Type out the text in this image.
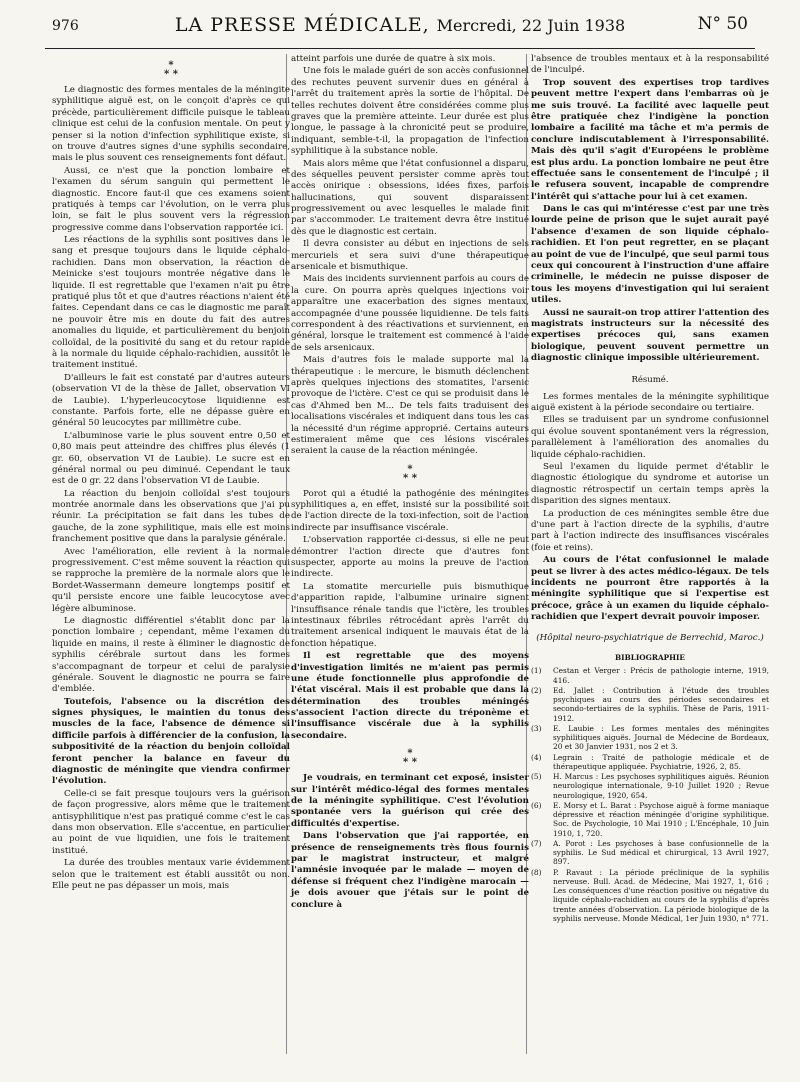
976	LA PRESSE MÉDICALE, Mercredi, 22 Juin 1938	N° 50
*
* *

Le diagnostic des formes mentales de la méningite syphilitique aiguë est, on le conçoit d'après ce qui précède, particulièrement difficile puisque le tableau clinique est celui de la confusion mentale. On peut y penser si la notion d'infection syphilitique existe, si on trouve d'autres signes d'une syphilis secondaire, mais le plus souvent ces renseignements font défaut.

Aussi, ce n'est que la ponction lombaire et l'examen du sérum sanguin qui permettent le diagnostic. Encore faut-il que ces examens soient pratiqués à temps car l'évolution, on le verra plus loin, se fait le plus souvent vers la régression progressive comme dans l'observation rapportée ici.

Les réactions de la syphilis sont positives dans le sang et presque toujours dans le liquide céphalo-rachidien. Dans mon observation, la réaction de Meinicke s'est toujours montrée négative dans le liquide. Il est regrettable que l'examen n'ait pu être pratiqué plus tôt et que d'autres réactions n'aient été faites. Cependant dans ce cas le diagnostic me paraît ne pouvoir être mis en doute du fait des autres anomalies du liquide, et particulièrement du benjoin colloïdal, de la positivité du sang et du retour rapide à la normale du liquide céphalo-rachidien, aussitôt le traitement institué.

D'ailleurs le fait est constaté par d'autres auteurs (observation VI de la thèse de Jallet, observation VI de Laubie). L'hyperleucocytose liquidienne est constante. Parfois forte, elle ne dépasse guère en général 50 leucocytes par millimètre cube.

L'albuminose varie le plus souvent entre 0,50 et 0,80 mais peut atteindre des chiffres plus élevés (1 gr. 60, observation VI de Laubie). Le sucre est en général normal ou peu diminué. Cependant le taux est de 0 gr. 22 dans l'observation VI de Laubie.

La réaction du benjoin colloïdal s'est toujours montrée anormale dans les observations que j'ai pu réunir. La précipitation se fait dans les tubes de gauche, de la zone syphilitique, mais elle est moins franchement positive que dans la paralysie générale.

Avec l'amélioration, elle revient à la normale progressivement. C'est même souvent la réaction qui se rapproche la première de la normale alors que le Bordet-Wassermann demeure longtemps positif et qu'il persiste encore une faible leucocytose avec légère albuminose.

Le diagnostic différentiel s'établit donc par la ponction lombaire ; cependant, même l'examen du liquide en mains, il reste à éliminer le diagnostic de syphilis cérébrale surtout dans les formes s'accompagnant de torpeur et celui de paralysie générale. Souvent le diagnostic ne pourra se faire d'emblée.

Toutefois, l'absence ou la discrétion des signes physiques, le maintien du tonus des muscles de la face, l'absence de démence si difficile parfois à différencier de la confusion, la subpositivité de la réaction du benjoin colloïdal feront pencher la balance en faveur du diagnostic de méningite que viendra confirmer l'évolution.

Celle-ci se fait presque toujours vers la guérison de façon progressive, alors même que le traitement antisyphilitique n'est pas pratiqué comme c'est le cas dans mon observation. Elle s'accentue, en particulier au point de vue liquidien, une fois le traitement institué.

La durée des troubles mentaux varie évidemment selon que le traitement est établi aussitôt ou non. Elle peut ne pas dépasser un mois, mais

atteint parfois une durée de quatre à six mois.

Une fois le malade guéri de son accès confusionnel des rechutes peuvent survenir dues en général à l'arrêt du traitement après la sortie de l'hôpital. De telles rechutes doivent être considérées comme plus graves que la première atteinte. Leur durée est plus longue, le passage à la chronicité peut se produire, indiquant, semble-t-il, la propagation de l'infection syphilitique à la substance noble.

Mais alors même que l'état confusionnel a disparu, des séquelles peuvent persister comme après tout accès onirique : obsessions, idées fixes, parfois hallucinations, qui souvent disparaissent progressivement ou avec lesquelles le malade finit par s'accommoder. Le traitement devra être institué dès que le diagnostic est certain.

Il devra consister au début en injections de sels mercuriels et sera suivi d'une thérapeutique arsenicale et bismuthique.

Mais des incidents surviennent parfois au cours de la cure. On pourra après quelques injections voir apparaître une exacerbation des signes mentaux, accompagnée d'une poussée liquidienne. De tels faits correspondent à des réactivations et surviennent, en général, lorsque le traitement est commencé à l'aide de sels arsenicaux.

Mais d'autres fois le malade supporte mal la thérapeutique : le mercure, le bismuth déclenchent après quelques injections des stomatites, l'arsenic provoque de l'ictère. C'est ce qui se produisit dans le cas d'Ahmed ben M... De tels faits traduisent des localisations viscérales et indiquent dans tous les cas la nécessité d'un régime approprié. Certains auteurs estimeraient même que ces lésions viscérales seraient la cause de la réaction méningée.

*
* *

Porot qui a étudié la pathogénie des méningites syphilitiques a, en effet, insisté sur la possibilité soit de l'action directe de la toxi-infection, soit de l'action indirecte par insuffisance viscérale.

L'observation rapportée ci-dessus, si elle ne peut démontrer l'action directe que d'autres font suspecter, apporte au moins la preuve de l'action indirecte.

La stomatite mercurielle puis bismuthique d'apparition rapide, l'albumine urinaire signent l'insuffisance rénale tandis que l'ictère, les troubles intestinaux fébriles rétrocédant après l'arrêt du traitement arsenical indiquent le mauvais état de la fonction hépatique.

Il est regrettable que des moyens d'investigation limités ne m'aient pas permis une étude fonctionnelle plus approfondie de l'état viscéral. Mais il est probable que dans la détermination des troubles méningés s'associent l'action directe du tréponème et l'insuffisance viscérale due à la syphilis secondaire.

*
* *

Je voudrais, en terminant cet exposé, insister sur l'intérêt médico-légal des formes mentales de la méningite syphilitique. C'est l'évolution spontanée vers la guérison qui crée des difficultés d'expertise.

Dans l'observation que j'ai rapportée, en présence de renseignements très flous fournis par le magistrat instructeur, et malgré l'amnésie invoquée par le malade — moyen de défense si fréquent chez l'indigène marocain — je dois avouer que j'étais sur le point de conclure à

l'absence de troubles mentaux et à la responsabilité de l'inculpé.

Trop souvent des expertises trop tardives peuvent mettre l'expert dans l'embarras où je me suis trouvé. La facilité avec laquelle peut être pratiquée chez l'indigène la ponction lombaire a facilité ma tâche et m'a permis de conclure indiscutablement à l'irresponsabilité. Mais dès qu'il s'agit d'Européens le problème est plus ardu. La ponction lombaire ne peut être effectuée sans le consentement de l'inculpé ; il le refusera souvent, incapable de comprendre l'intérêt qui s'attache pour lui à cet examen.

Dans le cas qui m'intéresse c'est par une très lourde peine de prison que le sujet aurait payé l'absence d'examen de son liquide céphalo-rachidien. Et l'on peut regretter, en se plaçant au point de vue de l'inculpé, que seul parmi tous ceux qui concourent à l'instruction d'une affaire criminelle, le médecin ne puisse disposer de tous les moyens d'investigation qui lui seraient utiles.

Aussi ne saurait-on trop attirer l'attention des magistrats instructeurs sur la nécessité des expertises précoces qui, sans examen biologique, peuvent souvent permettre un diagnostic clinique impossible ultérieurement.

Résumé.

Les formes mentales de la méningite syphilitique aiguë existent à la période secondaire ou tertiaire.

Elles se traduisent par un syndrome confusionnel qui évolue souvent spontanément vers la régression, parallèlement à l'amélioration des anomalies du liquide céphalo-rachidien.

Seul l'examen du liquide permet d'établir le diagnostic étiologique du syndrome et autorise un diagnostic rétrospectif un certain temps après la disparition des signes mentaux.

La production de ces méningites semble être due d'une part à l'action directe de la syphilis, d'autre part à l'action indirecte des insuffisances viscérales (foie et reins).

Au cours de l'état confusionnel le malade peut se livrer à des actes médico-légaux. De tels incidents ne pourront être rapportés à la méningite syphilitique que si l'expertise est précoce, grâce à un examen du liquide céphalo-rachidien que l'expert devrait pouvoir imposer.

(Hôpital neuro-psychiatrique de Berrechid, Maroc.)
BIBLIOGRAPHIE
(1)	Cestan et Verger : Précis de pathologie interne, 1919, 416.
(2)	Ed. Jallet : Contribution à l'étude des troubles psychiques au cours des périodes secondaires et secondo-tertiaires de la syphilis. Thèse de Paris, 1911-1912.
(3)	E. Laubie : Les formes mentales des méningites syphilitiques aiguës. Journal de Médecine de Bordeaux, 20 et 30 Janvier 1931, nos 2 et 3.
(4)	Legrain : Traité de pathologie médicale et de thérapeutique appliquée. Psychiatrie, 1926, 2, 85.
(5)	H. Marcus : Les psychoses syphilitiques aiguës. Réunion neurologique internationale, 9-10 Juillet 1920 ; Revue neurologique, 1920, 654.
(6)	E. Morsy et L. Barat : Psychose aiguë à forme maniaque dépressive et réaction méningée d'origine syphilitique. Soc. de Psychologie, 10 Mai 1910 ; L'Encéphale, 10 Juin 1910, 1, 720.
(7)	A. Porot : Les psychoses à base confusionnelle de la syphilis. Le Sud médical et chirurgical, 13 Avril 1927, 897.
(8)	P. Ravaut : La période préclinique de la syphilis nerveuse. Bull. Acad. de Médecine, Mai 1927, 1, 616 ; Les conséquences d'une réaction positive ou négative du liquide céphalo-rachidien au cours de la syphilis d'après trente années d'observation. La période biologique de la syphilis nerveuse. Monde Médical, 1er Juin 1930, n° 771.
